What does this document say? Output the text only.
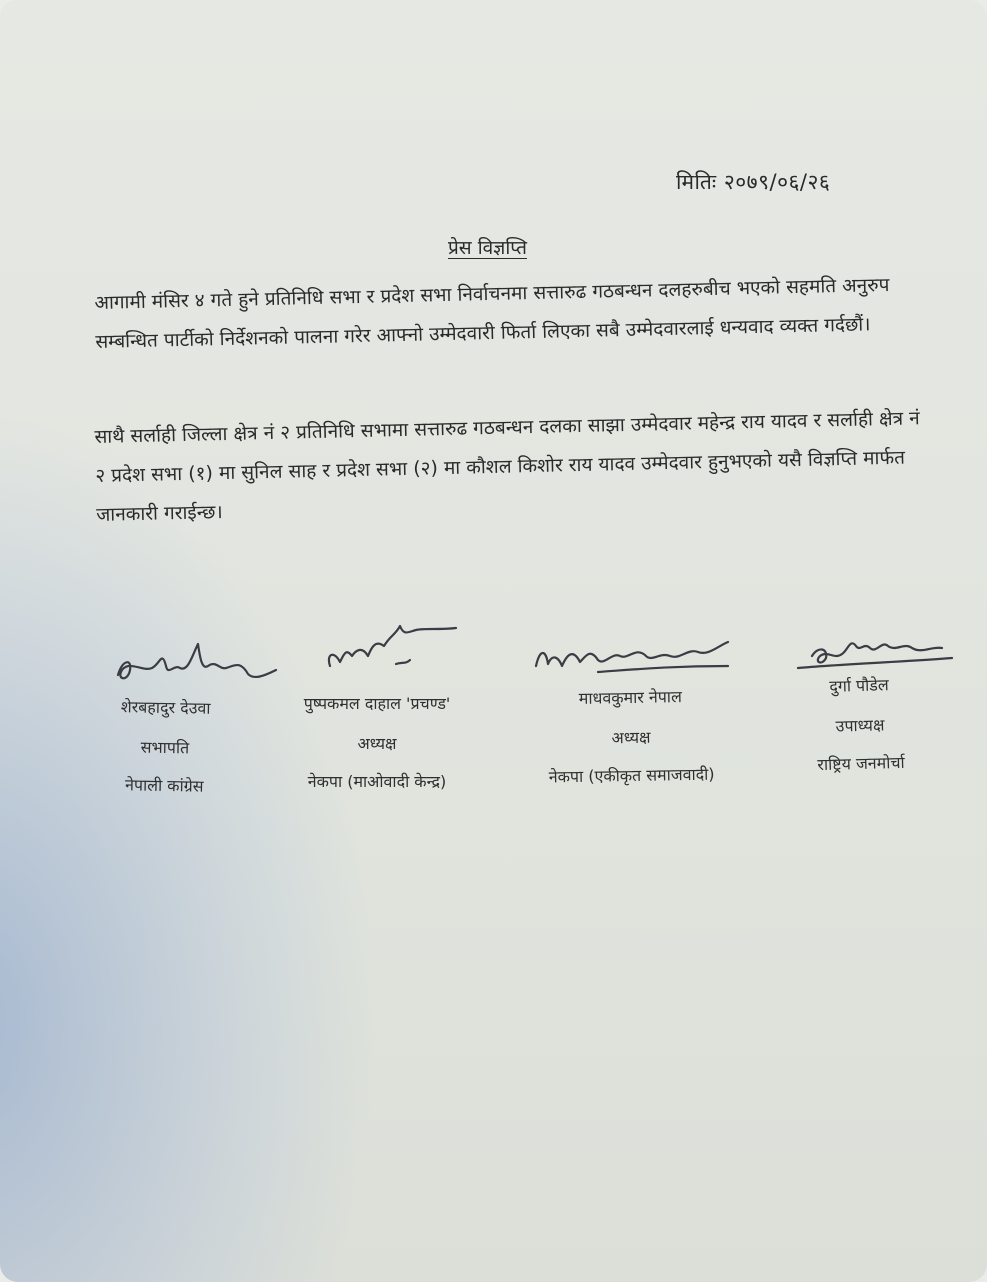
मितिः २०७९/०६/२६
प्रेस विज्ञप्ति
आगामी मंसिर ४ गते हुने प्रतिनिधि सभा र प्रदेश सभा निर्वाचनमा सत्तारुढ गठबन्धन दलहरुबीच भएको सहमति अनुरुप सम्बन्धित पार्टीको निर्देशनको पालना गरेर आफ्नो उम्मेदवारी फिर्ता लिएका सबै उम्मेदवारलाई धन्यवाद व्यक्त गर्दछौं।
साथै सर्लाही जिल्ला क्षेत्र नं २ प्रतिनिधि सभामा सत्तारुढ गठबन्धन दलका साझा उम्मेदवार महेन्द्र राय यादव र सर्लाही क्षेत्र नं २ प्रदेश सभा (१) मा सुनिल साह र प्रदेश सभा (२) मा कौशल किशोर राय यादव उम्मेदवार हुनुभएको यसै विज्ञप्ति मार्फत जानकारी गराईन्छ।
शेरबहादुर देउवा
सभापति
नेपाली कांग्रेस
पुष्पकमल दाहाल 'प्रचण्ड'
अध्यक्ष
नेकपा (माओवादी केन्द्र)
माधवकुमार नेपाल
अध्यक्ष
नेकपा (एकीकृत समाजवादी)
दुर्गा पौडेल
उपाध्यक्ष
राष्ट्रिय जनमोर्चा
